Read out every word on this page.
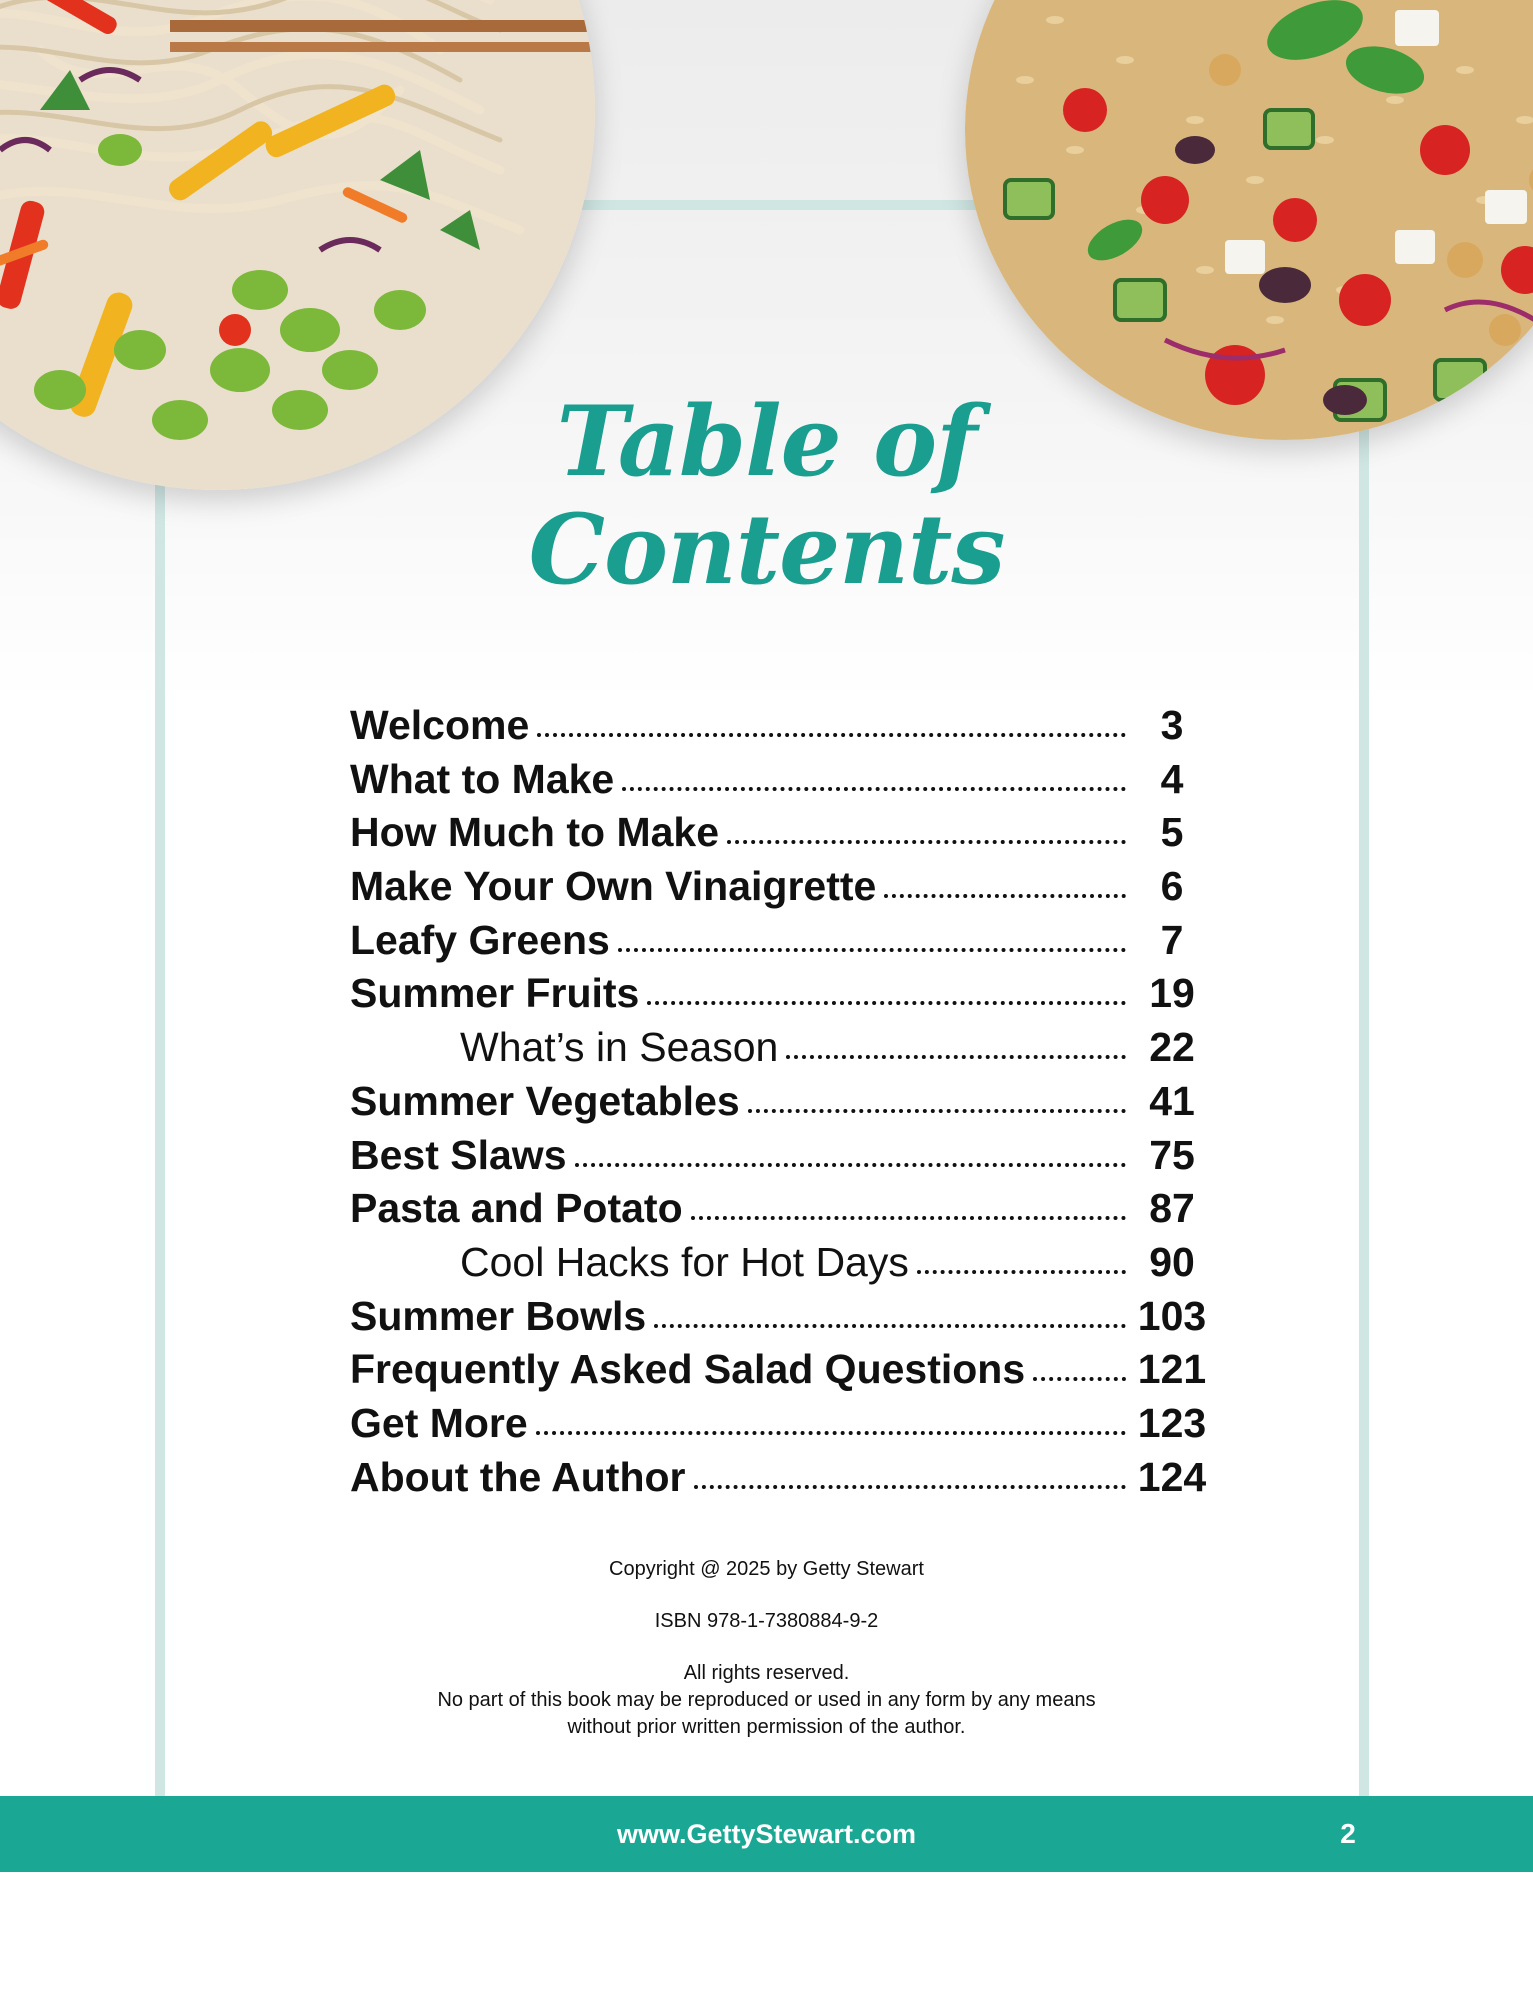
Table of
Contents
Welcome	3
What to Make	4
How Much to Make	5
Make Your Own Vinaigrette	6
Leafy Greens	7
Summer Fruits	19
What’s in Season	22
Summer Vegetables	41
Best Slaws	75
Pasta and Potato	87
Cool Hacks for Hot Days	90
Summer Bowls	103
Frequently Asked Salad Questions	121
Get More	123
About the Author	124

Copyright @ 2025 by Getty Stewart

ISBN 978-1-7380884-9-2

All rights reserved.

No part of this book may be reproduced or used in any form by any means

without prior written permission of the author.

www.GettyStewart.com	2
